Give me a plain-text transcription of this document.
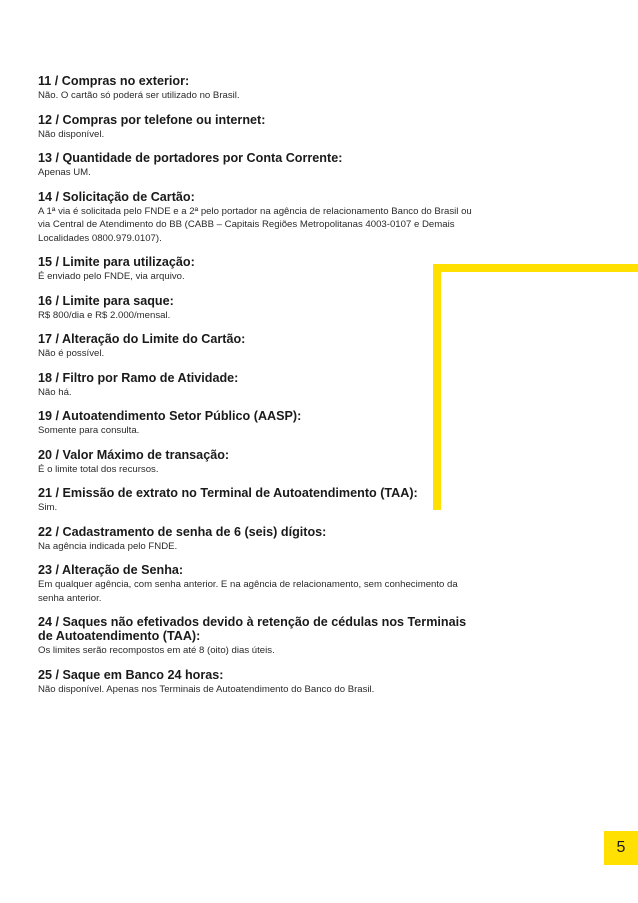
11 / Compras no exterior:

Não. O cartão só poderá ser utilizado no Brasil.

12 / Compras por telefone ou internet:

Não disponível.

13 / Quantidade de portadores por Conta Corrente:

Apenas UM.

14 / Solicitação de Cartão:

A 1ª via é solicitada pelo FNDE e a 2ª pelo portador na agência de relacionamento Banco do Brasil ou via Central de Atendimento do BB (CABB – Capitais Regiões Metropolitanas 4003-0107 e Demais Localidades 0800.979.0107).

15 / Limite para utilização:

É enviado pelo FNDE, via arquivo.

16 / Limite para saque:

R$ 800/dia e R$ 2.000/mensal.

17 / Alteração do Limite do Cartão:

Não é possível.

18 / Filtro por Ramo de Atividade:

Não há.

19 / Autoatendimento Setor Público (AASP):

Somente para consulta.

20 / Valor Máximo de transação:

É o limite total dos recursos.

21 / Emissão de extrato no Terminal de Autoatendimento (TAA):

Sim.

22 / Cadastramento de senha de 6 (seis) dígitos:

Na agência indicada pelo FNDE.

23 / Alteração de Senha:

Em qualquer agência, com senha anterior. E na agência de relacionamento, sem conhecimento da senha anterior.

24 / Saques não efetivados devido à retenção de cédulas nos Terminais de Autoatendimento (TAA):

Os limites serão recompostos em até 8 (oito) dias úteis.

25 / Saque em Banco 24 horas:

Não disponível. Apenas nos Terminais de Autoatendimento do Banco do Brasil.

5
